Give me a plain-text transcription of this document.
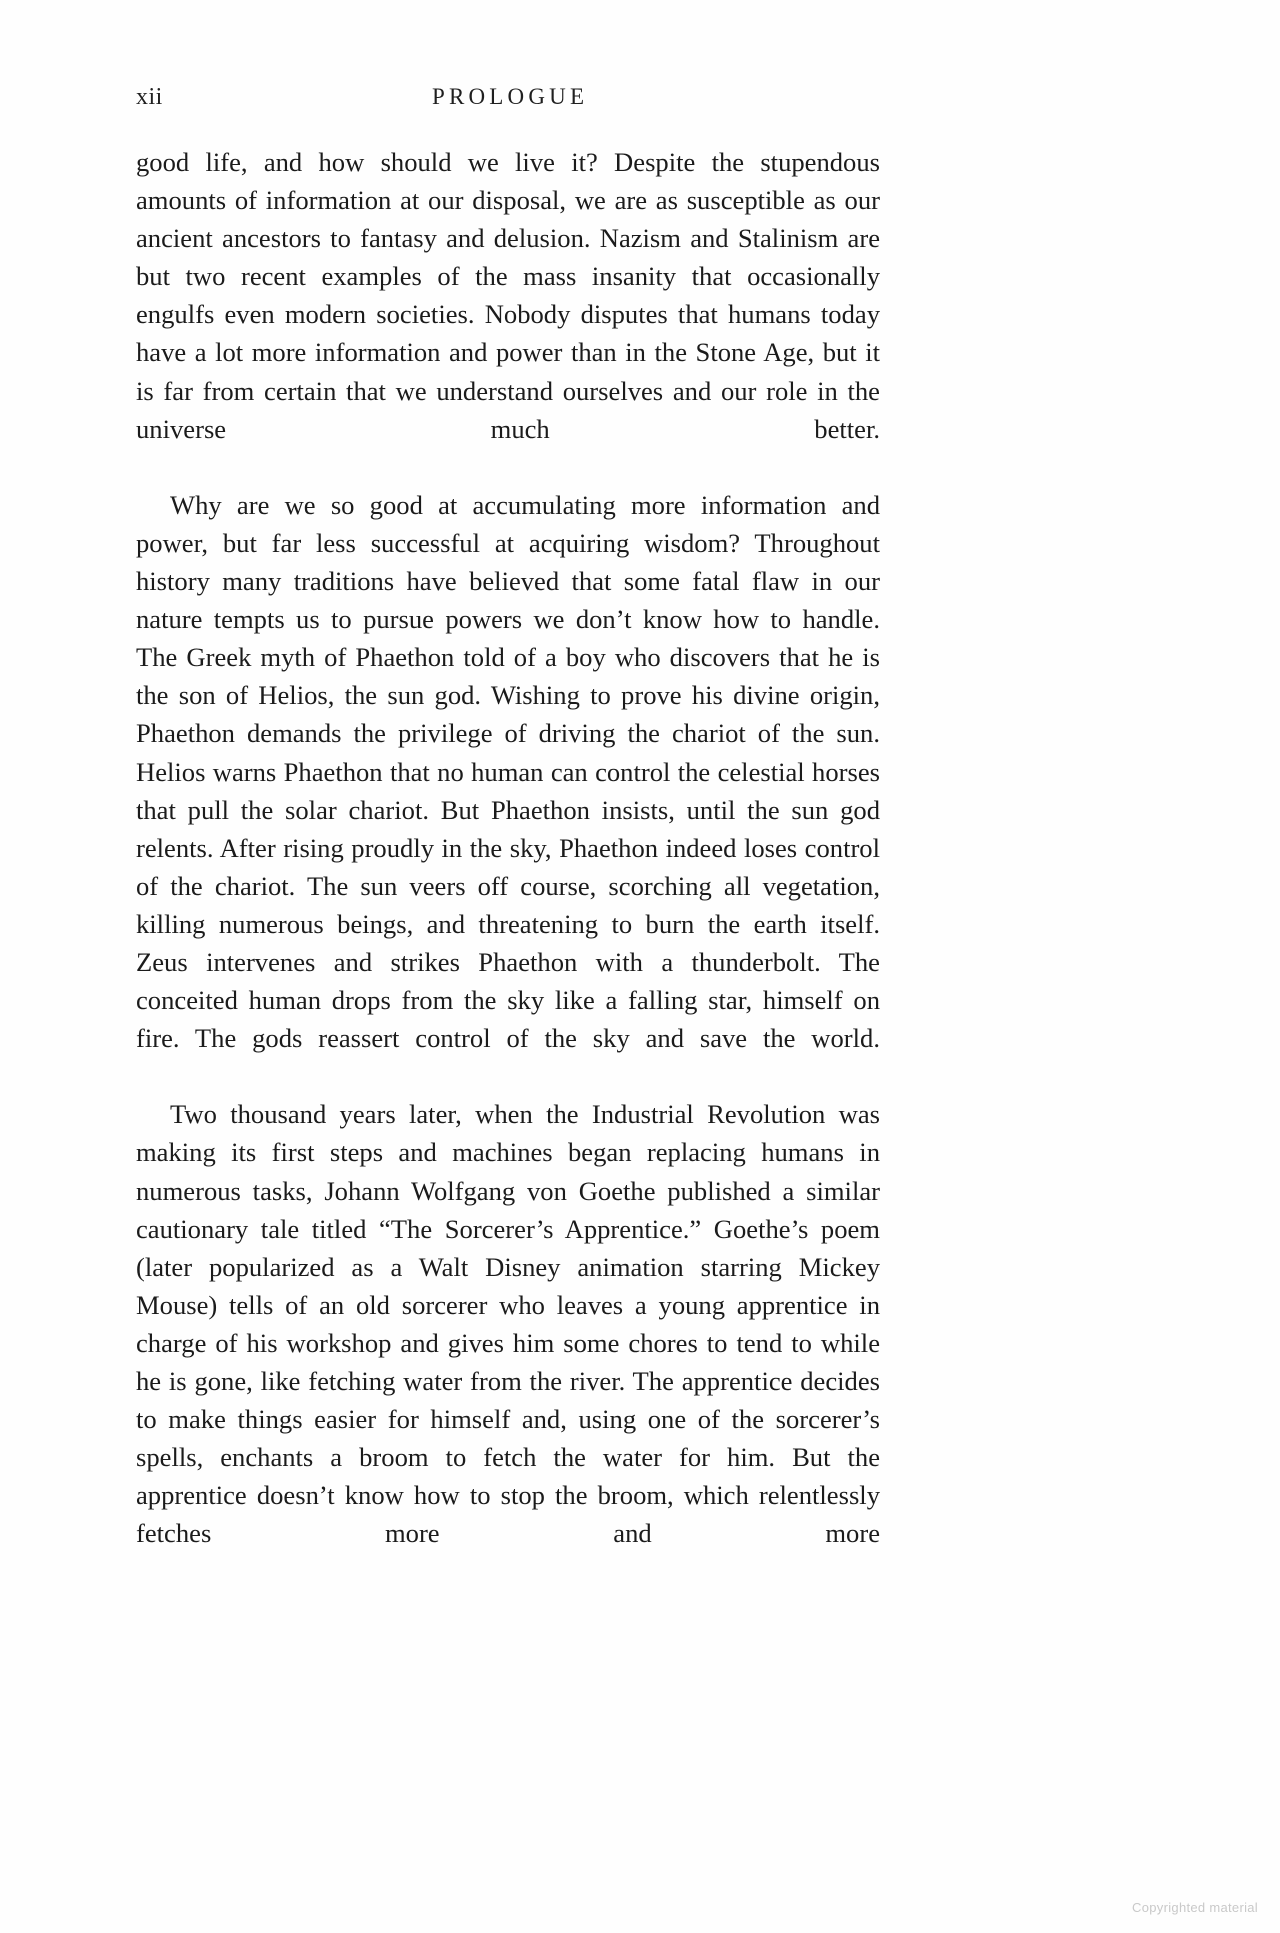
xii	PROLOGUE

good life, and how should we live it? Despite the stupendous amounts of information at our disposal, we are as susceptible as our ancient ancestors to fantasy and delusion. Nazism and Stalinism are but two recent examples of the mass insanity that occasionally engulfs even modern societies. Nobody disputes that humans today have a lot more information and power than in the Stone Age, but it is far from certain that we understand ourselves and our role in the universe much better.

Why are we so good at accumulating more information and power, but far less successful at acquiring wisdom? Throughout history many traditions have believed that some fatal flaw in our nature tempts us to pursue powers we don’t know how to handle. The Greek myth of Phaethon told of a boy who discovers that he is the son of Helios, the sun god. Wishing to prove his divine origin, Phaethon demands the privilege of driving the chariot of the sun. Helios warns Phaethon that no human can control the celestial horses that pull the solar chariot. But Phaethon insists, until the sun god relents. After rising proudly in the sky, Phaethon indeed loses control of the chariot. The sun veers off course, scorching all vegetation, killing numerous beings, and threatening to burn the earth itself. Zeus intervenes and strikes Phaethon with a thunderbolt. The conceited human drops from the sky like a falling star, himself on fire. The gods reassert control of the sky and save the world.

Two thousand years later, when the Industrial Revolution was making its first steps and machines began replacing humans in numerous tasks, Johann Wolfgang von Goethe published a similar cautionary tale titled “The Sorcerer’s Apprentice.” Goethe’s poem (later popularized as a Walt Disney animation starring Mickey Mouse) tells of an old sorcerer who leaves a young apprentice in charge of his workshop and gives him some chores to tend to while he is gone, like fetching water from the river. The apprentice decides to make things easier for himself and, using one of the sorcerer’s spells, enchants a broom to fetch the water for him. But the apprentice doesn’t know how to stop the broom, which relentlessly fetches more and more

Copyrighted material
